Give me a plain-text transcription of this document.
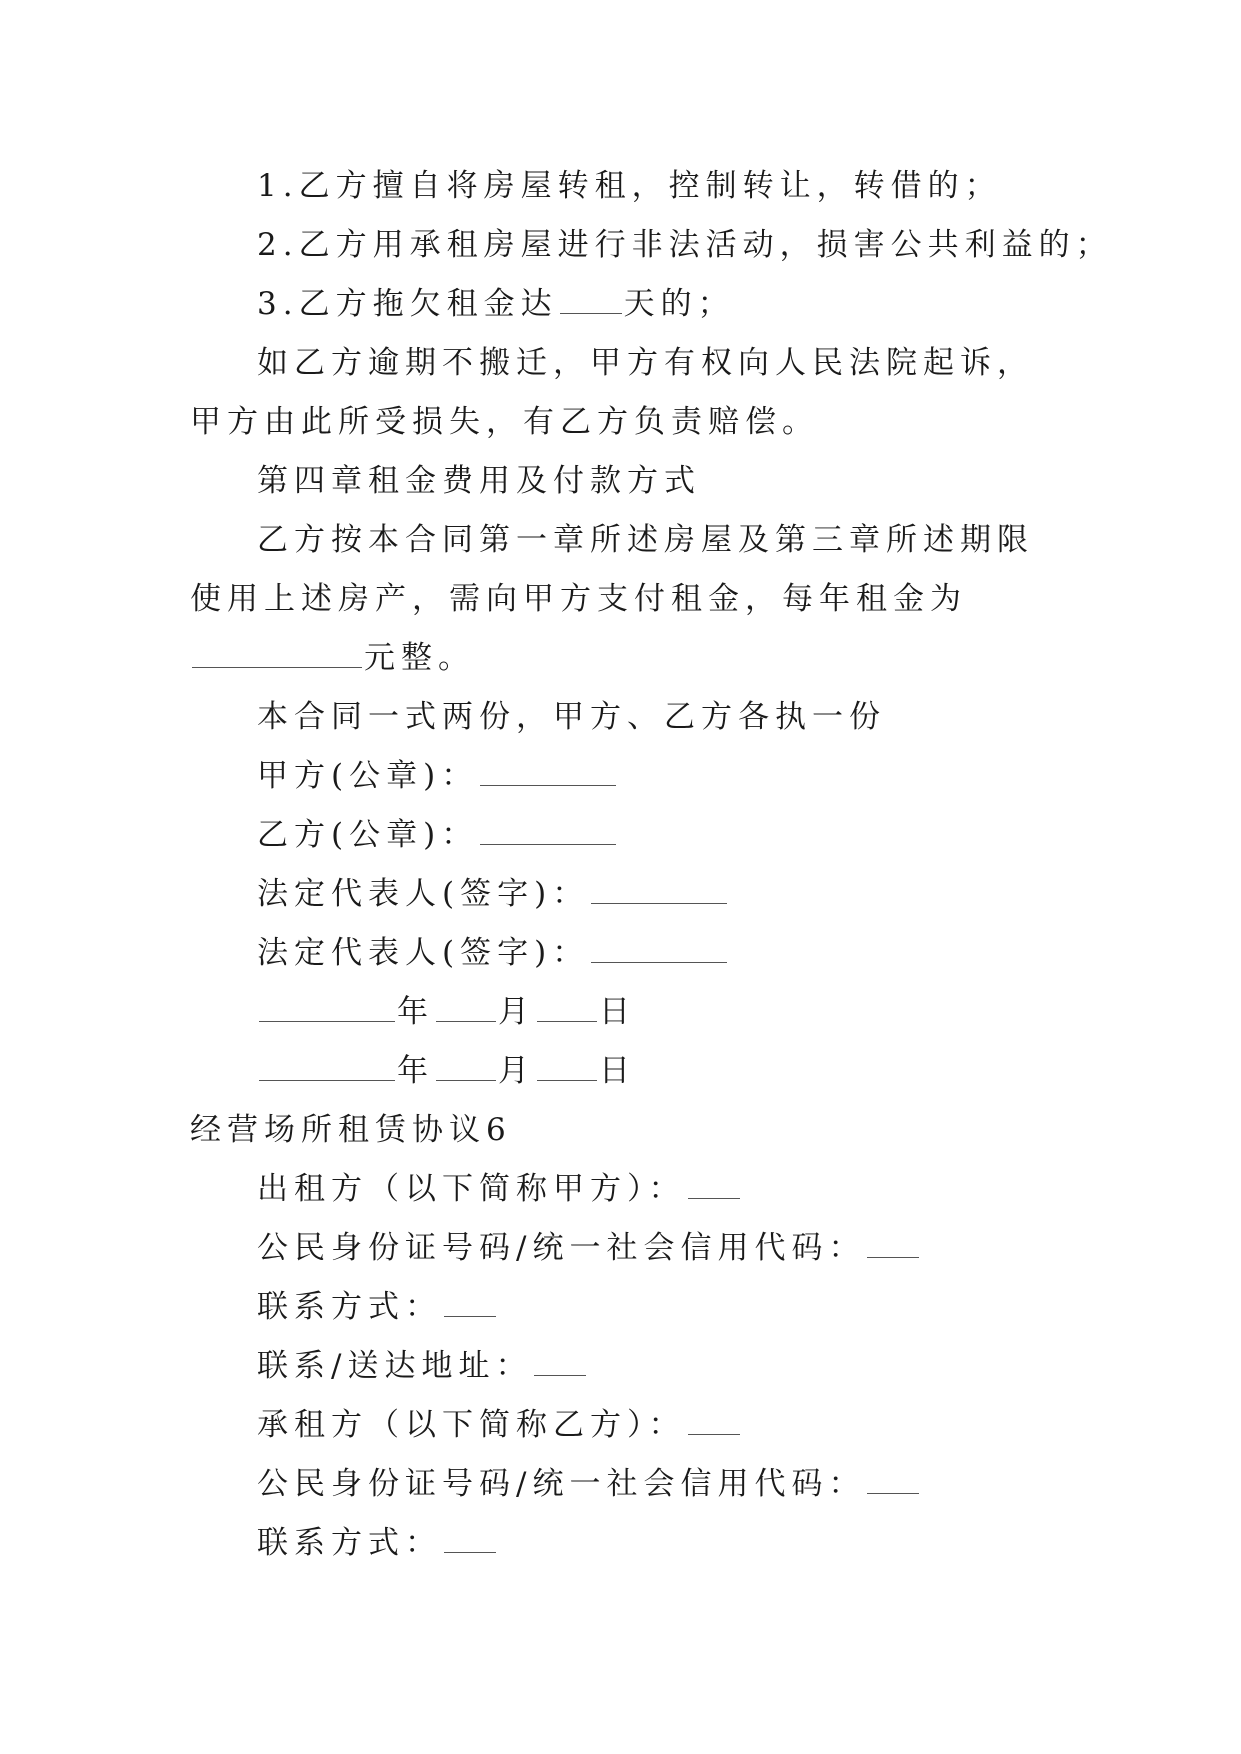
1.乙方擅自将房屋转租，控制转让，转借的；

2.乙方用承租房屋进行非法活动，损害公共利益的；

3.乙方拖欠租金达 天的；

如乙方逾期不搬迁，甲方有权向人民法院起诉，甲方由此所受损失，有乙方负责赔偿。

第四章租金费用及付款方式

乙方按本合同第一章所述房屋及第三章所述期限使用上述房产，需向甲方支付租金，每年租金为元整。

本合同一式两份，甲方、乙方各执一份

甲方(公章)：

乙方(公章)：

法定代表人(签字)：

法定代表人(签字)：

年 月 日

年 月 日

经营场所租赁协议6

出租方（以下简称甲方）：

公民身份证号码/统一社会信用代码：

联系方式：

联系/送达地址：

承租方（以下简称乙方）：

公民身份证号码/统一社会信用代码：

联系方式：
